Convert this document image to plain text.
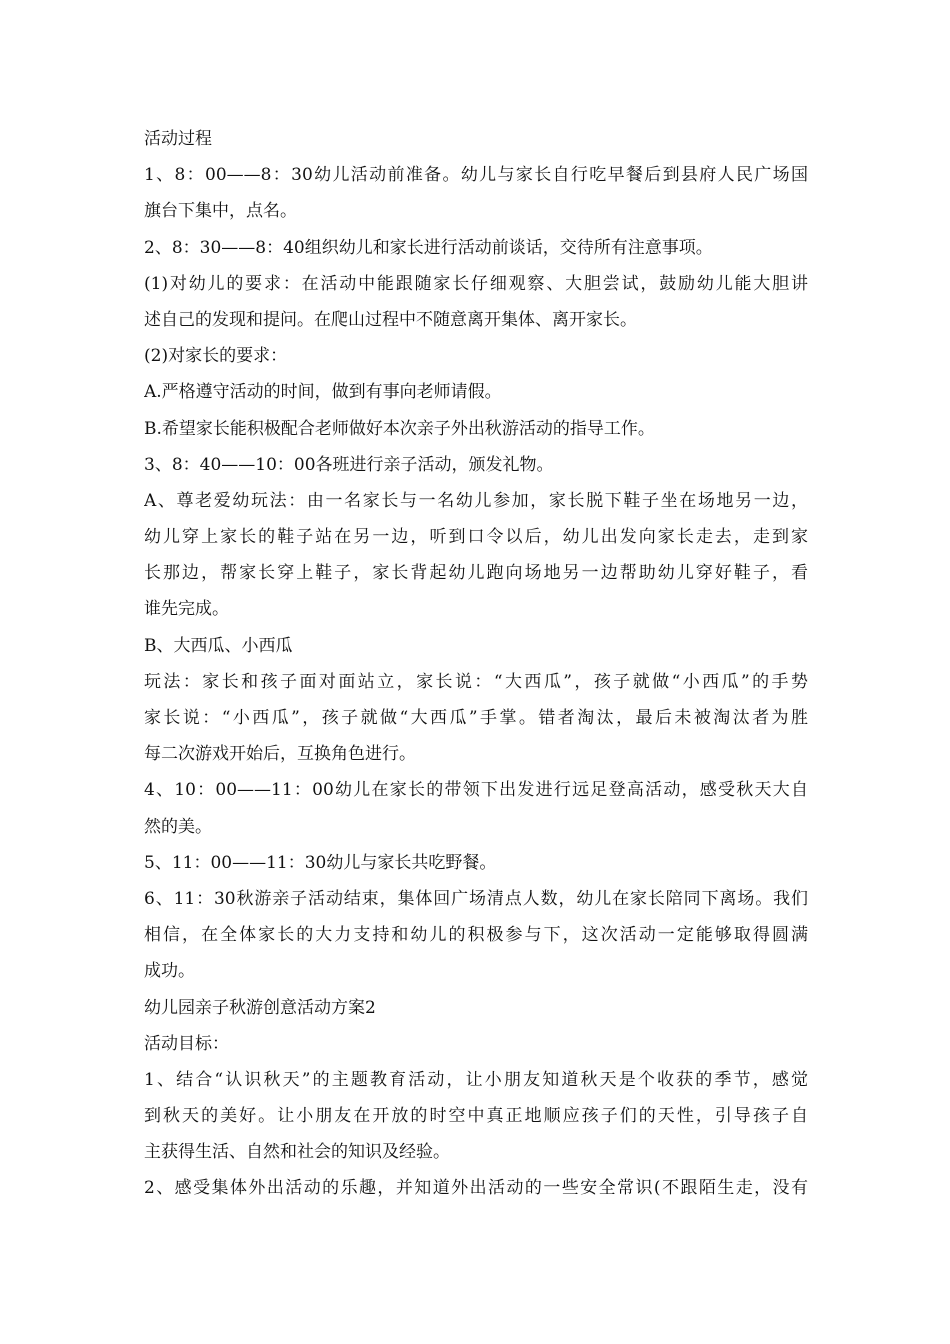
活动过程
1、8：00——8：30幼儿活动前准备。幼儿与家长自行吃早餐后到县府人民广场国
旗台下集中，点名。
2、8：30——8：40组织幼儿和家长进行活动前谈话，交待所有注意事项。
(1)对幼儿的要求：在活动中能跟随家长仔细观察、大胆尝试，鼓励幼儿能大胆讲
述自己的发现和提问。在爬山过程中不随意离开集体、离开家长。
(2)对家长的要求：
A.严格遵守活动的时间，做到有事向老师请假。
B.希望家长能积极配合老师做好本次亲子外出秋游活动的指导工作。
3、8：40——10：00各班进行亲子活动，颁发礼物。
A、尊老爱幼玩法：由一名家长与一名幼儿参加，家长脱下鞋子坐在场地另一边，
幼儿穿上家长的鞋子站在另一边，听到口令以后，幼儿出发向家长走去，走到家
长那边，帮家长穿上鞋子，家长背起幼儿跑向场地另一边帮助幼儿穿好鞋子，看
谁先完成。
B、大西瓜、小西瓜
玩法：家长和孩子面对面站立，家长说：“大西瓜”，孩子就做“小西瓜”的手势
家长说：“小西瓜”，孩子就做“大西瓜”手掌。错者淘汰，最后未被淘汰者为胜
每二次游戏开始后，互换角色进行。
4、10：00——11：00幼儿在家长的带领下出发进行远足登高活动，感受秋天大自
然的美。
5、11：00——11：30幼儿与家长共吃野餐。
6、11：30秋游亲子活动结束，集体回广场清点人数，幼儿在家长陪同下离场。我们
相信，在全体家长的大力支持和幼儿的积极参与下，这次活动一定能够取得圆满
成功。
幼儿园亲子秋游创意活动方案2
活动目标：
1、结合“认识秋天”的主题教育活动，让小朋友知道秋天是个收获的季节，感觉
到秋天的美好。让小朋友在开放的时空中真正地顺应孩子们的天性，引导孩子自
主获得生活、自然和社会的知识及经验。
2、感受集体外出活动的乐趣，并知道外出活动的一些安全常识(不跟陌生走，没有
